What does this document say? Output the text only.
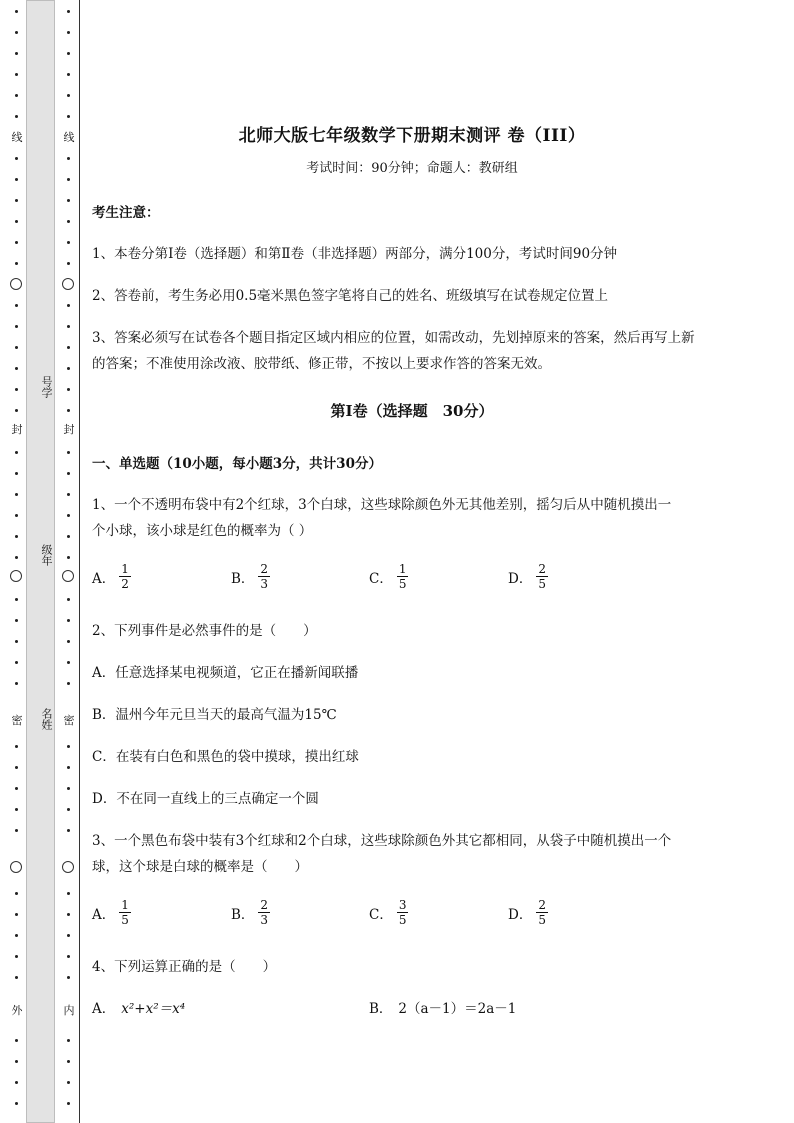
线
封
密
外
线
封
密
内
号学
级年
名姓
北师大版七年级数学下册期末测评 卷（III）
考试时间：90分钟；命题人：教研组
考生注意：
1、本卷分第I卷（选择题）和第Ⅱ卷（非选择题）两部分，满分100分，考试时间90分钟
2、答卷前，考生务必用0.5毫米黑色签字笔将自己的姓名、班级填写在试卷规定位置上
3、答案必须写在试卷各个题目指定区域内相应的位置，如需改动，先划掉原来的答案，然后再写上新
的答案；不准使用涂改液、胶带纸、修正带，不按以上要求作答的答案无效。
第I卷（选择题　30分）
一、单选题（10小题，每小题3分，共计30分）
1、一个不透明布袋中有2个红球，3个白球，这些球除颜色外无其他差别，摇匀后从中随机摸出一
个小球，该小球是红色的概率为（ ）
A． $\frac{1}{2}$	B． $\frac{2}{3}$	C． $\frac{1}{5}$	D． $\frac{2}{5}$
2、下列事件是必然事件的是（　　）
A．任意选择某电视频道，它正在播新闻联播
B．温州今年元旦当天的最高气温为15℃
C．在装有白色和黑色的袋中摸球，摸出红球
D．不在同一直线上的三点确定一个圆
3、一个黑色布袋中装有3个红球和2个白球，这些球除颜色外其它都相同，从袋子中随机摸出一个
球，这个球是白球的概率是（　　）
A． $\frac{1}{5}$	B． $\frac{2}{3}$	C． $\frac{3}{5}$	D． $\frac{2}{5}$
4、下列运算正确的是（　　）
A． x²+x²＝x⁴	B． 2（a－1）＝2a－1
